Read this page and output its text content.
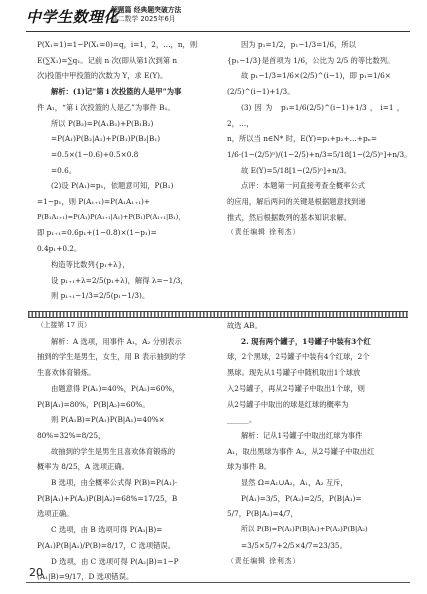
中学生数理化
解题篇 经典题突破方法
高二数学 2025年6月

P(X₁=1)=1−P(X₁=0)=q，i=1，2，…，n，则

E(∑X₁)=∑q₁。记前 n 次(即从第1次到第 n

次)投篮中甲投篮的次数为 Y，求 E(Y)。

解析：(1)记“第 i 次投篮的人是甲”为事

件 A₁，“第 i 次投篮的人是乙”为事件 B₁。

所以 P(B₂)=P(A₁B₂)+P(B₁B₂)

=P(A₁)P(B₂|A₁)+P(B₁)P(B₂|B₁)

=0.5×(1−0.6)+0.5×0.8

=0.6。

(2)设 P(A₁)=p₁，依题意可知，P(B₁)

=1−p₁，则 P(A₁₊₁)=P(A₁A₁₊₁)+

P(B₁A₁₊₁)=P(A₁)P(A₁₊₁|A₁)+P(B₁)P(A₁₊₁|B₁)，

即 p₁₊₁=0.6p₁+(1−0.8)×(1−p₁)=

0.4p₁+0.2。

构造等比数列{p₁+λ}，

设 p₁₊₁+λ=2/5(p₁+λ)，解得 λ=−1/3，

则 p₁₊₁−1/3=2/5(p₁−1/3)。

因为 p₁=1/2，p₁−1/3=1/6，所以

{p₁−1/3}是首项为 1/6，公比为 2/5 的等比数列。

故 p₁−1/3=1/6×(2/5)^(i−1)，即 p₁=1/6×

(2/5)^(i−1)+1/3。

(3)因为 p₁=1/6(2/5)^(i−1)+1/3，i=1，2，…，

n，所以当 n∈N* 时，E(Y)=p₁+p₂+…+pₙ=

1/6·(1−(2/5)ⁿ)/(1−2/5)+n/3=5/18[1−(2/5)ⁿ]+n/3。

故 E(Y)=5/18[1−(2/5)ⁿ]+n/3。

点评：本题第一问直接考查全概率公式

的应用，解后两问的关键是根据题意找到递

推式，然后根据数列的基本知识求解。

（责任编辑 徐利杰）

（上接第 17 页）

解析：A 选项，用事件 A₁，A₂ 分别表示

抽到的学生是男生，女生，用 B 表示抽到的学

生喜欢体育锻炼。

由题意得 P(A₁)=40%，P(A₂)=60%，

P(B|A₁)=80%，P(B|A₂)=60%。

则 P(A₁B)=P(A₁)P(B|A₁)=40%×

80%=32%=8/25，

故抽到的学生是男生且喜欢体育锻炼的

概率为 8/25，A 选项正确。

B 选项，由全概率公式得 P(B)=P(A₁)·

P(B|A₁)+P(A₂)P(B|A₂)=68%=17/25，B

选项正确。

C 选项，由 B 选项可得 P(A₁|B)=

P(A₁)P(B|A₁)/P(B)=8/17，C 选项错误。

D 选项，由 C 选项可得 P(A₂|B)=1−P

(A₁|B)=9/17，D 选项错误。

故选 AB。

2. 现有两个罐子，1号罐子中装有3个红

球，2个黑球，2号罐子中装有4个红球，2个

黑球。现先从1号罐子中随机取出1个球放

入2号罐子，再从2号罐子中取出1个球，则

从2号罐子中取出的球是红球的概率为

______。

解析：记从1号罐子中取出红球为事件

A₁，取出黑球为事件 A₂，从2号罐子中取出红

球为事件 B。

显然 Ω=A₁∪A₂，A₁，A₂ 互斥，

P(A₁)=3/5，P(A₂)=2/5，P(B|A₁)=

5/7，P(B|A₂)=4/7，

所以 P(B)=P(A₁)P(B|A₁)+P(A₂)P(B|A₂)

=3/5×5/7+2/5×4/7=23/35。

（责任编辑 徐利杰）

20
